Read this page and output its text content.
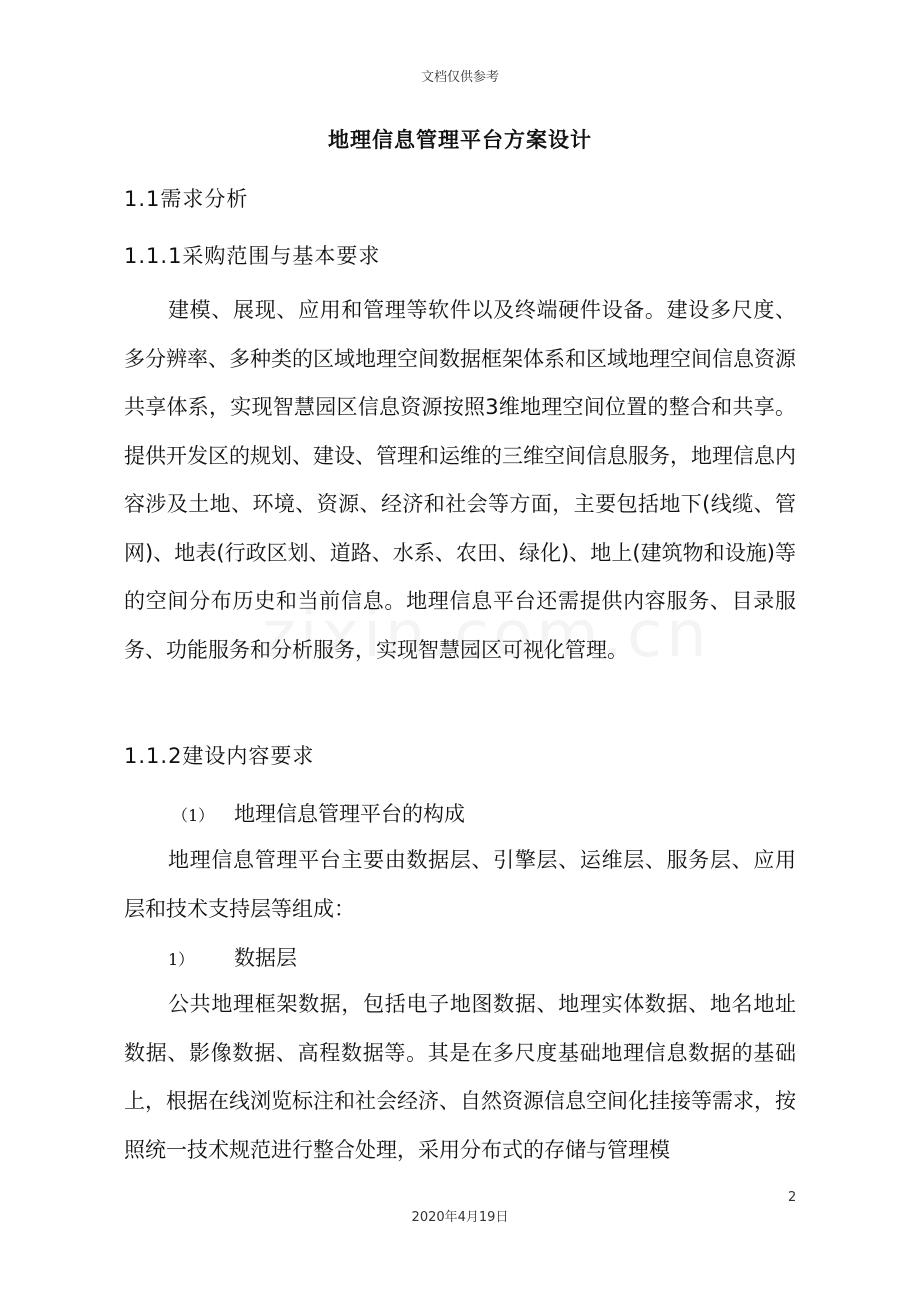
文档仅供参考
地理信息管理平台方案设计
1.1需求分析
1.1.1采购范围与基本要求

建模、展现、应用和管理等软件以及终端硬件设备。建设多尺度、多分辨率、多种类的区域地理空间数据框架体系和区域地理空间信息资源共享体系，实现智慧园区信息资源按照3维地理空间位置的整合和共享。提供开发区的规划、建设、管理和运维的三维空间信息服务，地理信息内容涉及土地、环境、资源、经济和社会等方面，主要包括地下(线缆、管网)、地表(行政区划、道路、水系、农田、绿化)、地上(建筑物和设施)等的空间分布历史和当前信息。地理信息平台还需提供内容服务、目录服务、功能服务和分析服务，实现智慧园区可视化管理。

1.1.2建设内容要求
（1） 地理信息管理平台的构成

地理信息管理平台主要由数据层、引擎层、运维层、服务层、应用层和技术支持层等组成：

1） 数据层

公共地理框架数据，包括电子地图数据、地理实体数据、地名地址数据、影像数据、高程数据等。其是在多尺度基础地理信息数据的基础上，根据在线浏览标注和社会经济、自然资源信息空间化挂接等需求，按照统一技术规范进行整合处理，采用分布式的存储与管理模

2
2020年4月19日
